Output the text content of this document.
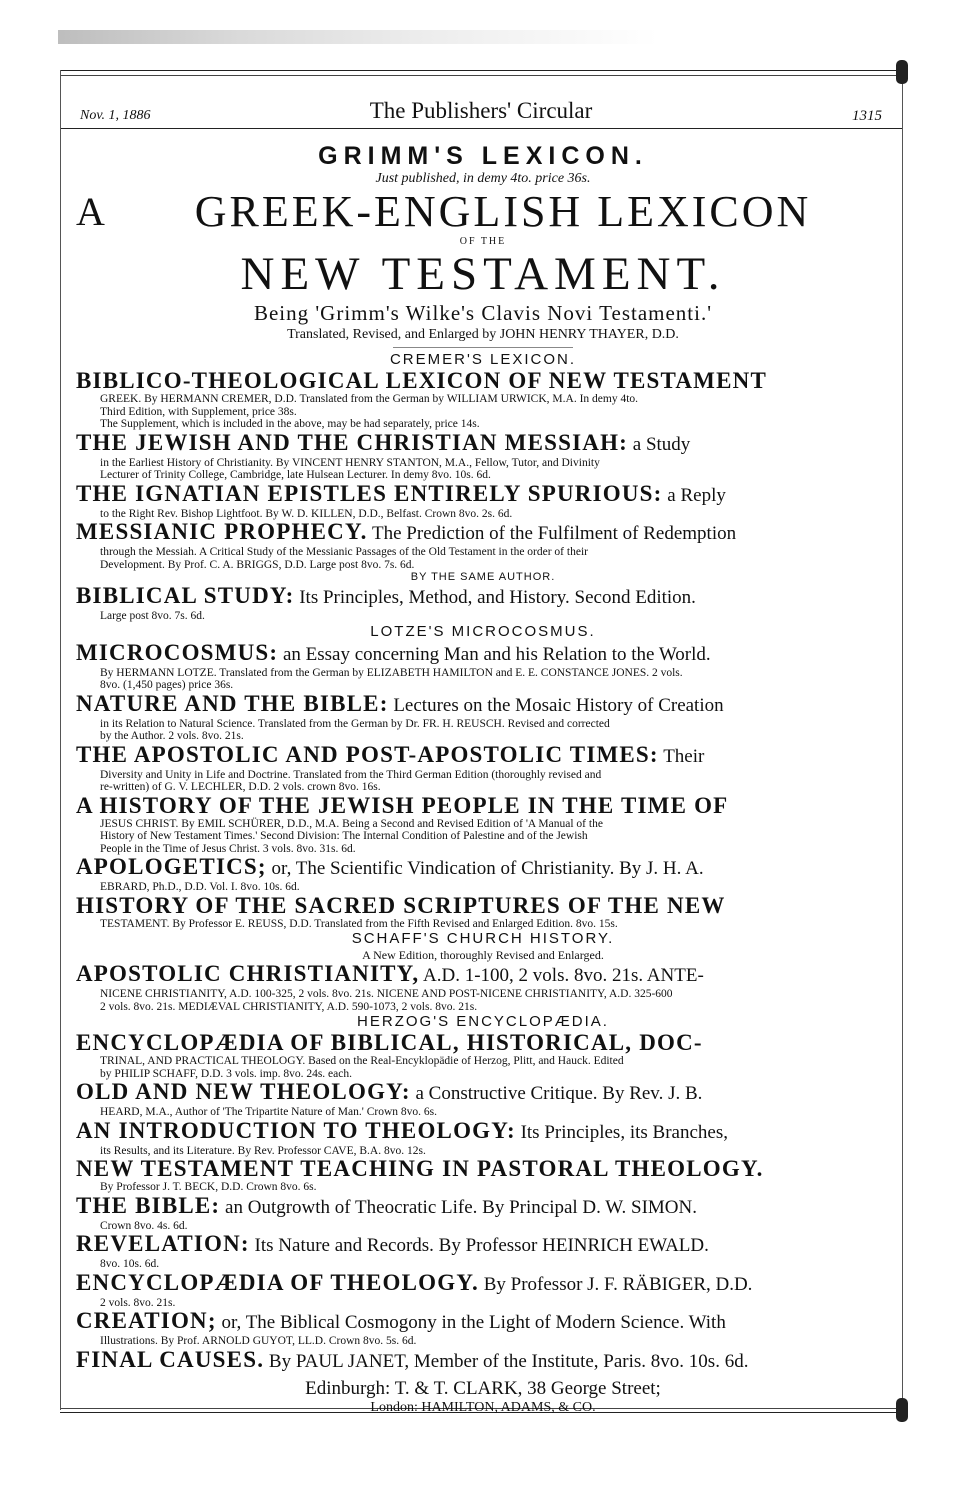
Nov. 1, 1886	The Publishers' Circular	1315
GRIMM'S LEXICON.
Just published, in demy 4to. price 36s.
A	GREEK-ENGLISH LEXICON
OF THE
NEW TESTAMENT.
Being 'Grimm's Wilke's Clavis Novi Testamenti.'
Translated, Revised, and Enlarged by JOHN HENRY THAYER, D.D.
CREMER'S LEXICON.
BIBLICO-THEOLOGICAL LEXICON OF NEW TESTAMENT
GREEK. By HERMANN CREMER, D.D. Translated from the German by WILLIAM URWICK, M.A. In demy 4to.
Third Edition, with Supplement, price 38s.
The Supplement, which is included in the above, may be had separately, price 14s.
THE JEWISH AND THE CHRISTIAN MESSIAH: a Study
in the Earliest History of Christianity. By VINCENT HENRY STANTON, M.A., Fellow, Tutor, and Divinity
Lecturer of Trinity College, Cambridge, late Hulsean Lecturer. In demy 8vo. 10s. 6d.
THE IGNATIAN EPISTLES ENTIRELY SPURIOUS: a Reply
to the Right Rev. Bishop Lightfoot. By W. D. KILLEN, D.D., Belfast. Crown 8vo. 2s. 6d.
MESSIANIC PROPHECY. The Prediction of the Fulfilment of Redemption
through the Messiah. A Critical Study of the Messianic Passages of the Old Testament in the order of their
Development. By Prof. C. A. BRIGGS, D.D. Large post 8vo. 7s. 6d.
BY THE SAME AUTHOR.
BIBLICAL STUDY: Its Principles, Method, and History. Second Edition.
Large post 8vo. 7s. 6d.
LOTZE'S MICROCOSMUS.
MICROCOSMUS: an Essay concerning Man and his Relation to the World.
By HERMANN LOTZE. Translated from the German by ELIZABETH HAMILTON and E. E. CONSTANCE JONES. 2 vols.
8vo. (1,450 pages) price 36s.
NATURE AND THE BIBLE: Lectures on the Mosaic History of Creation
in its Relation to Natural Science. Translated from the German by Dr. FR. H. REUSCH. Revised and corrected
by the Author. 2 vols. 8vo. 21s.
THE APOSTOLIC AND POST-APOSTOLIC TIMES: Their
Diversity and Unity in Life and Doctrine. Translated from the Third German Edition (thoroughly revised and
re-written) of G. V. LECHLER, D.D. 2 vols. crown 8vo. 16s.
A HISTORY OF THE JEWISH PEOPLE IN THE TIME OF
JESUS CHRIST. By EMIL SCHÜRER, D.D., M.A. Being a Second and Revised Edition of 'A Manual of the
History of New Testament Times.' Second Division: The Internal Condition of Palestine and of the Jewish
People in the Time of Jesus Christ. 3 vols. 8vo. 31s. 6d.
APOLOGETICS; or, The Scientific Vindication of Christianity. By J. H. A.
EBRARD, Ph.D., D.D. Vol. I. 8vo. 10s. 6d.
HISTORY OF THE SACRED SCRIPTURES OF THE NEW
TESTAMENT. By Professor E. REUSS, D.D. Translated from the Fifth Revised and Enlarged Edition. 8vo. 15s.
SCHAFF'S CHURCH HISTORY.
A New Edition, thoroughly Revised and Enlarged.
APOSTOLIC CHRISTIANITY, A.D. 1-100, 2 vols. 8vo. 21s. ANTE-
NICENE CHRISTIANITY, A.D. 100-325, 2 vols. 8vo. 21s. NICENE AND POST-NICENE CHRISTIANITY, A.D. 325-600
2 vols. 8vo. 21s. MEDIÆVAL CHRISTIANITY, A.D. 590-1073, 2 vols. 8vo. 21s.
HERZOG'S ENCYCLOPÆDIA.
ENCYCLOPÆDIA OF BIBLICAL, HISTORICAL, DOC-
TRINAL, AND PRACTICAL THEOLOGY. Based on the Real-Encyklopädie of Herzog, Plitt, and Hauck. Edited
by PHILIP SCHAFF, D.D. 3 vols. imp. 8vo. 24s. each.
OLD AND NEW THEOLOGY: a Constructive Critique. By Rev. J. B.
HEARD, M.A., Author of 'The Tripartite Nature of Man.' Crown 8vo. 6s.
AN INTRODUCTION TO THEOLOGY: Its Principles, its Branches,
its Results, and its Literature. By Rev. Professor CAVE, B.A. 8vo. 12s.
NEW TESTAMENT TEACHING IN PASTORAL THEOLOGY.
By Professor J. T. BECK, D.D. Crown 8vo. 6s.
THE BIBLE: an Outgrowth of Theocratic Life. By Principal D. W. SIMON.
Crown 8vo. 4s. 6d.
REVELATION: Its Nature and Records. By Professor HEINRICH EWALD.
8vo. 10s. 6d.
ENCYCLOPÆDIA OF THEOLOGY. By Professor J. F. RÄBIGER, D.D.
2 vols. 8vo. 21s.
CREATION; or, The Biblical Cosmogony in the Light of Modern Science. With
Illustrations. By Prof. ARNOLD GUYOT, LL.D. Crown 8vo. 5s. 6d.
FINAL CAUSES. By PAUL JANET, Member of the Institute, Paris. 8vo. 10s. 6d.
Edinburgh: T. & T. CLARK, 38 George Street;
London: HAMILTON, ADAMS, & CO.
